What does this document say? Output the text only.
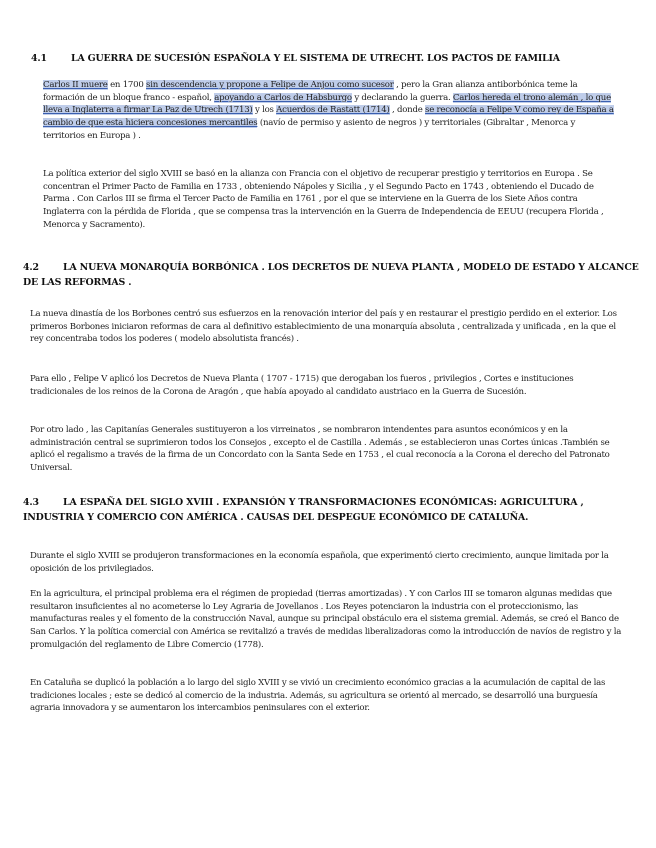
4.1	LA GUERRA DE SUCESIÓN ESPAÑOLA Y EL SISTEMA DE UTRECHT. LOS PACTOS DE FAMILIA

Carlos II muere en 1700 sin descendencia y propone a Felipe de Anjou como sucesor , pero la Gran alianza antiborbónica teme la formación de un bloque franco - español, apoyando a Carlos de Habsburgo y declarando la guerra. Carlos hereda el trono alemán , lo que lleva a Inglaterra a firmar La Paz de Utrech (1713) y los Acuerdos de Rastatt (1714) , donde se reconocía a Felipe V como rey de España a cambio de que esta hiciera concesiones mercantiles (navío de permiso y asiento de negros ) y territoriales (Gibraltar , Menorca y territorios en Europa ) .

La política exterior del siglo XVIII se basó en la alianza con Francia con el objetivo de recuperar prestigio y territorios en Europa . Se concentran el Primer Pacto de Familia en 1733 , obteniendo Nápoles y Sicilia , y el Segundo Pacto en 1743 , obteniendo el Ducado de Parma . Con Carlos III se firma el Tercer Pacto de Familia en 1761 , por el que se interviene en la Guerra de los Siete Años contra Inglaterra con la pérdida de Florida , que se compensa tras la intervención en la Guerra de Independencia de EEUU (recupera Florida , Menorca y Sacramento).

4.2	LA NUEVA MONARQUÍA BORBÓNICA . LOS DECRETOS DE NUEVA PLANTA , MODELO DE ESTADO Y ALCANCE DE LAS REFORMAS .

La nueva dinastía de los Borbones centró sus esfuerzos en la renovación interior del país y en restaurar el prestigio perdido en el exterior. Los primeros Borbones iniciaron reformas de cara al definitivo establecimiento de una monarquía absoluta , centralizada y unificada , en la que el rey concentraba todos los poderes ( modelo absolutista francés) .

Para ello , Felipe V aplicó los Decretos de Nueva Planta ( 1707 - 1715) que derogaban los fueros , privilegios , Cortes e instituciones tradicionales de los reinos de la Corona de Aragón , que había apoyado al candidato austriaco en la Guerra de Sucesión.

Por otro lado , las Capitanías Generales sustituyeron a los virreinatos , se nombraron intendentes para asuntos económicos y en la administración central se suprimieron todos los Consejos , excepto el de Castilla . Además , se establecieron unas Cortes únicas .También se aplicó el regalismo a través de la firma de un Concordato con la Santa Sede en 1753 , el cual reconocía a la Corona el derecho del Patronato Universal.

4.3	LA ESPAÑA DEL SIGLO XVIII . EXPANSIÓN Y TRANSFORMACIONES ECONÓMICAS: AGRICULTURA , INDUSTRIA Y COMERCIO CON AMÉRICA . CAUSAS DEL DESPEGUE ECONÓMICO DE CATALUÑA.

Durante el siglo XVIII se produjeron transformaciones en la economía española, que experimentó cierto crecimiento, aunque limitada por la oposición de los privilegiados.

En la agricultura, el principal problema era el régimen de propiedad (tierras amortizadas) . Y con Carlos III se tomaron algunas medidas que resultaron insuficientes al no acometerse lo Ley Agraria de Jovellanos . Los Reyes potenciaron la industria con el proteccionismo, las manufacturas reales y el fomento de la construcción Naval, aunque su principal obstáculo era el sistema gremial. Además, se creó el Banco de San Carlos. Y la política comercial con América se revitalizó a través de medidas liberalizadoras como la introducción de navíos de registro y la promulgación del reglamento de Libre Comercio (1778).

En Cataluña se duplicó la población a lo largo del siglo XVIII y se vivió un crecimiento económico gracias a la acumulación de capital de las tradiciones locales ; este se dedicó al comercio de la industria. Además, su agricultura se orientó al mercado, se desarrolló una burguesía agraria innovadora y se aumentaron los intercambios peninsulares con el exterior.
